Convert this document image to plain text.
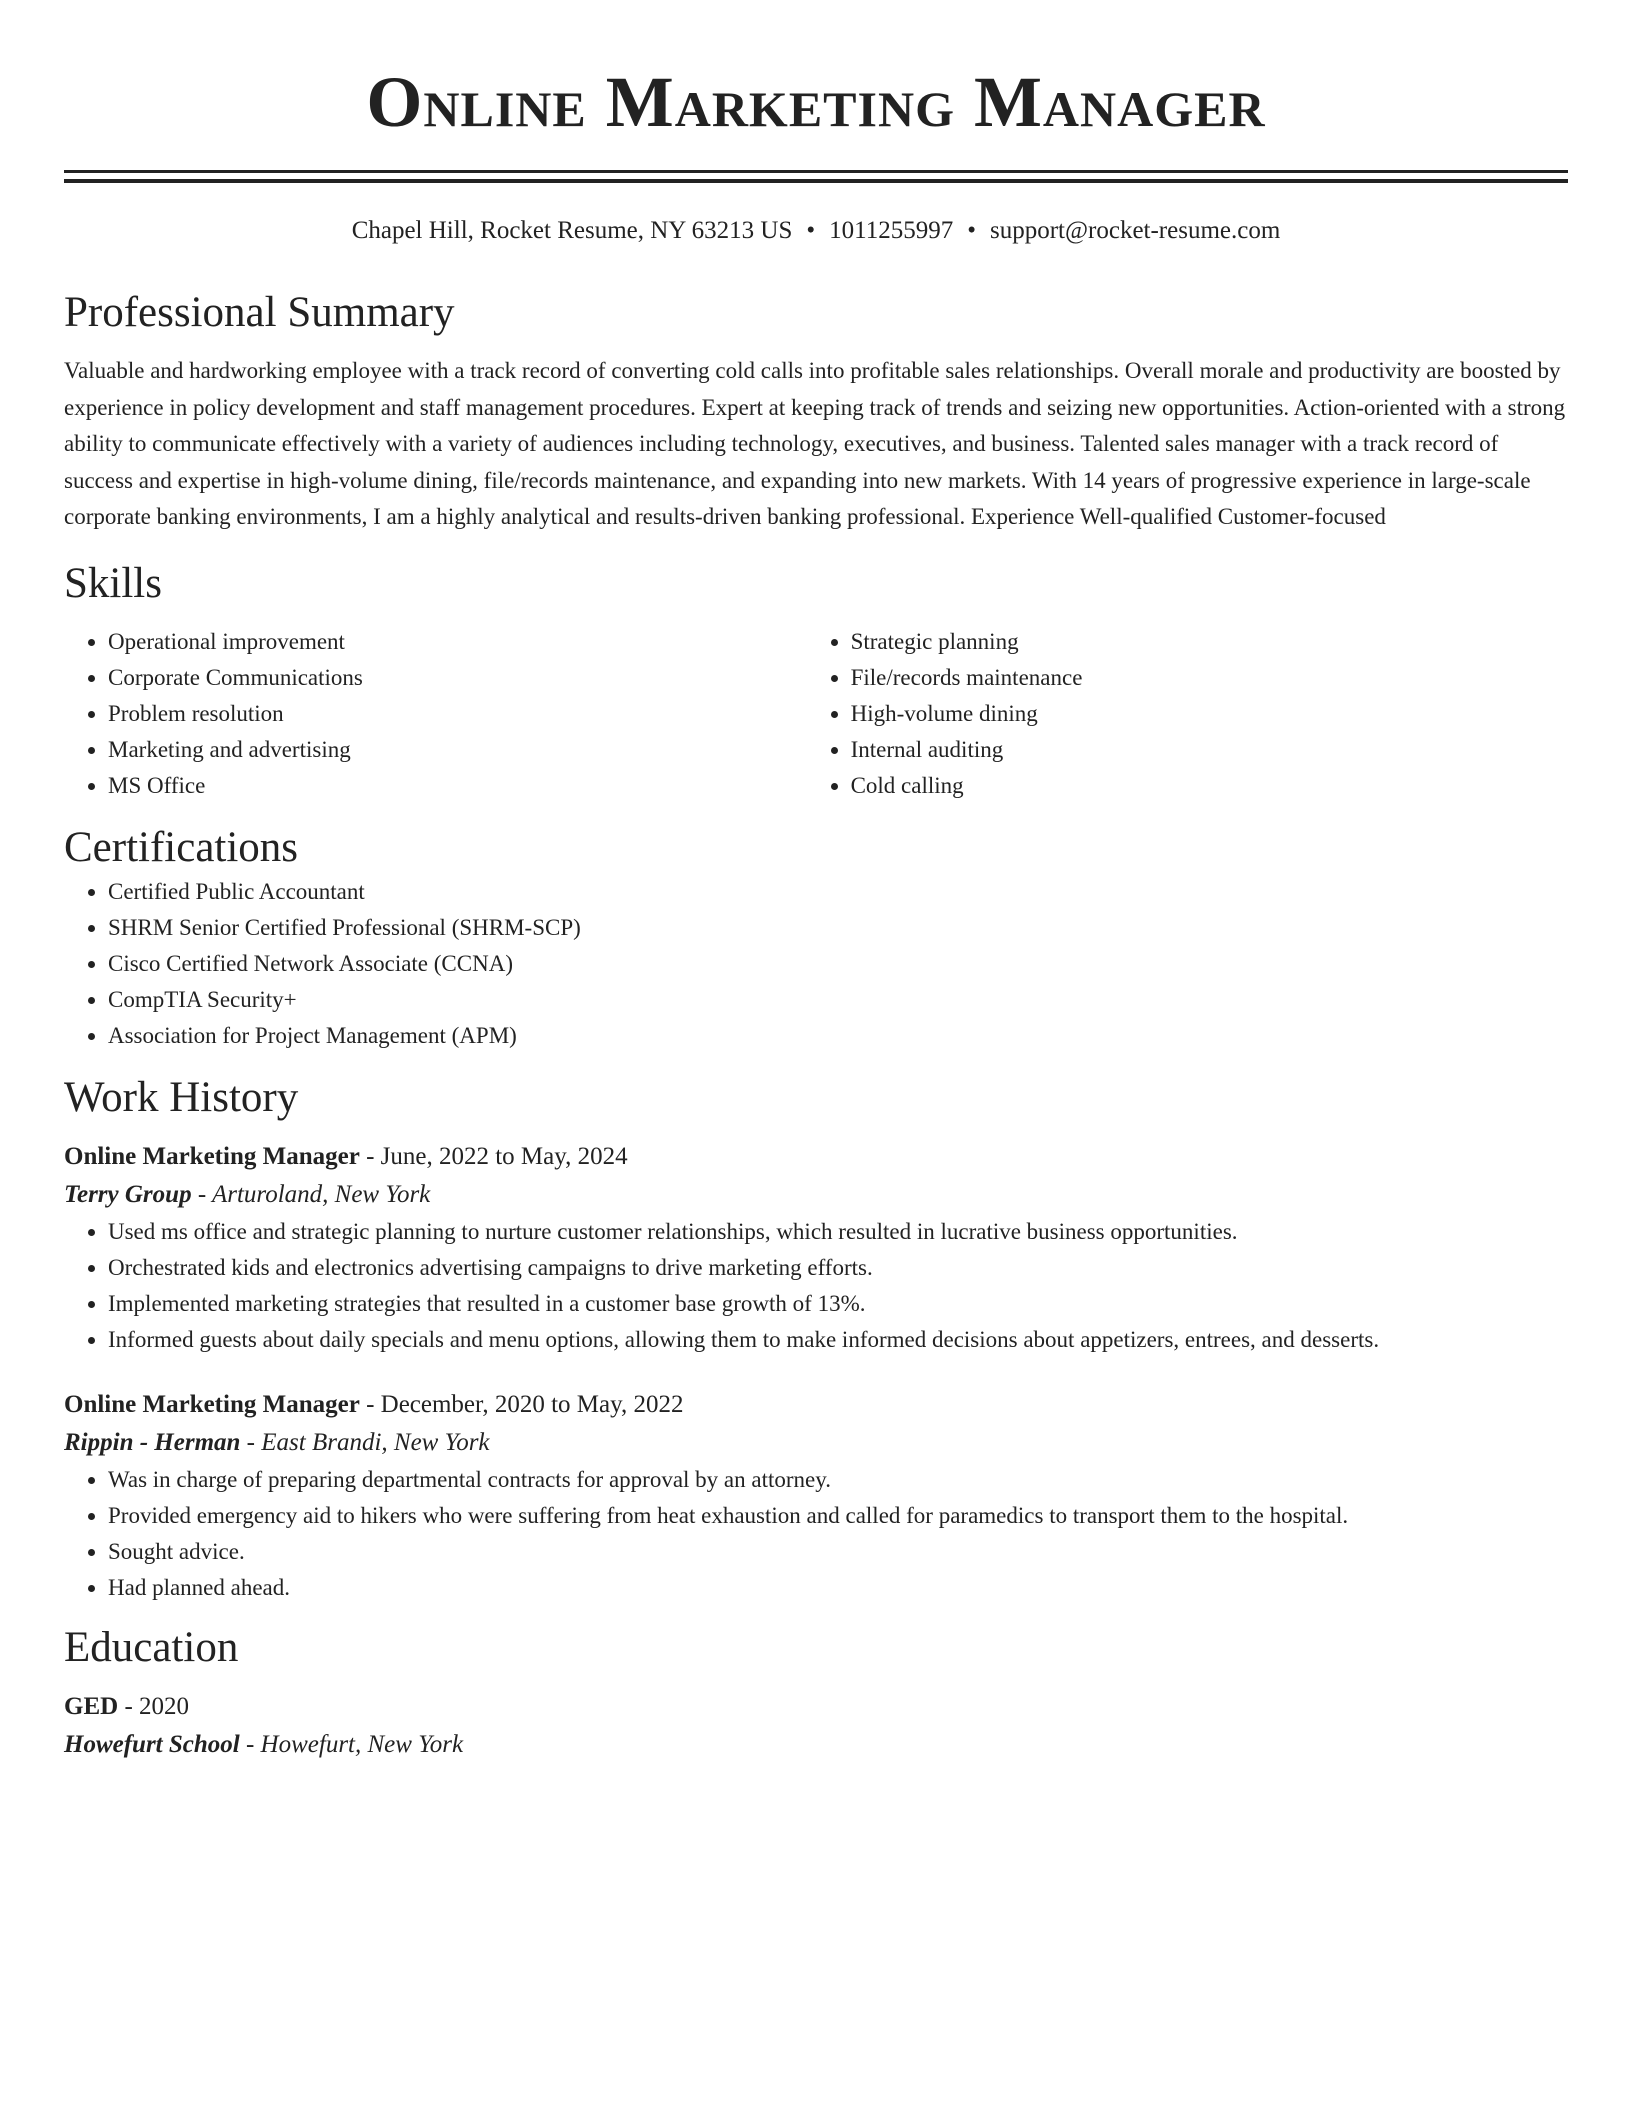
Online Marketing Manager
Chapel Hill, Rocket Resume, NY 63213 US • 1011255997 • support@rocket-resume.com
Professional Summary
Valuable and hardworking employee with a track record of converting cold calls into profitable sales relationships. Overall morale and productivity are boosted by experience in policy development and staff management procedures. Expert at keeping track of trends and seizing new opportunities. Action-oriented with a strong ability to communicate effectively with a variety of audiences including technology, executives, and business. Talented sales manager with a track record of success and expertise in high-volume dining, file/records maintenance, and expanding into new markets. With 14 years of progressive experience in large-scale corporate banking environments, I am a highly analytical and results-driven banking professional. Experience Well-qualified Customer-focused
Skills
• Operational improvement
• Corporate Communications
• Problem resolution
• Marketing and advertising
• MS Office
• Strategic planning
• File/records maintenance
• High-volume dining
• Internal auditing
• Cold calling
Certifications
• Certified Public Accountant
• SHRM Senior Certified Professional (SHRM-SCP)
• Cisco Certified Network Associate (CCNA)
• CompTIA Security+
• Association for Project Management (APM)
Work History
Online Marketing Manager - June, 2022 to May, 2024
Terry Group - Arturoland, New York
• Used ms office and strategic planning to nurture customer relationships, which resulted in lucrative business opportunities.
• Orchestrated kids and electronics advertising campaigns to drive marketing efforts.
• Implemented marketing strategies that resulted in a customer base growth of 13%.
• Informed guests about daily specials and menu options, allowing them to make informed decisions about appetizers, entrees, and desserts.
Online Marketing Manager - December, 2020 to May, 2022
Rippin - Herman - East Brandi, New York
• Was in charge of preparing departmental contracts for approval by an attorney.
• Provided emergency aid to hikers who were suffering from heat exhaustion and called for paramedics to transport them to the hospital.
• Sought advice.
• Had planned ahead.
Education
GED - 2020
Howefurt School - Howefurt, New York
